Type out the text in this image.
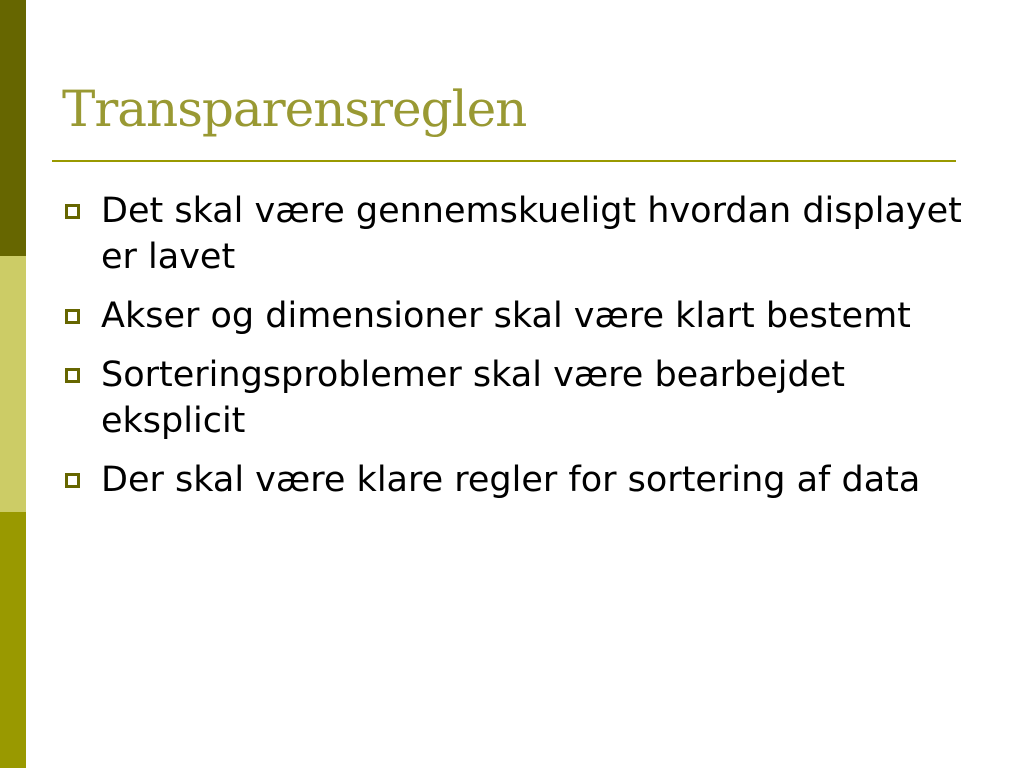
Transparensreglen
Det skal være gennemskueligt hvordan displayet er lavet
Akser og dimensioner skal være klart bestemt
Sorteringsproblemer skal være bearbejdet eksplicit
Der skal være klare regler for sortering af data
